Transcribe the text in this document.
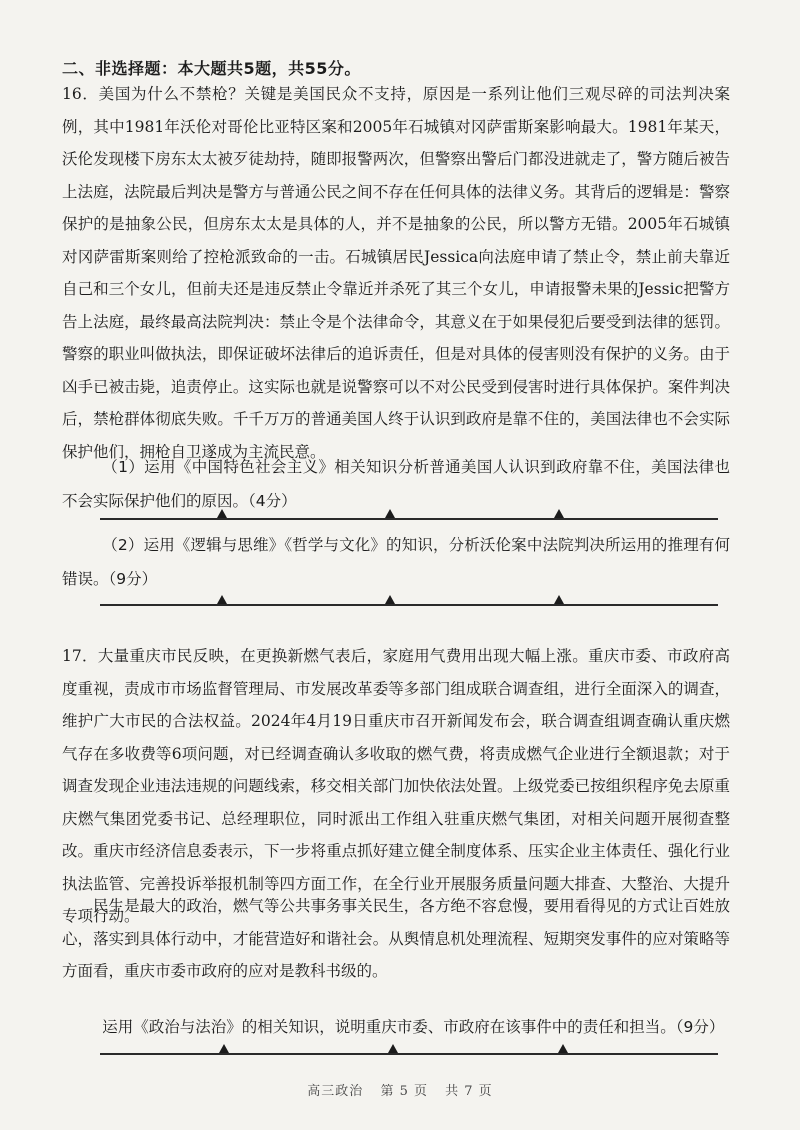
二、非选择题：本大题共5题，共55分。

16．美国为什么不禁枪？关键是美国民众不支持，原因是一系列让他们三观尽碎的司法判决案例，其中1981年沃伦对哥伦比亚特区案和2005年石城镇对冈萨雷斯案影响最大。1981年某天，沃伦发现楼下房东太太被歹徒劫持，随即报警两次，但警察出警后门都没进就走了，警方随后被告上法庭，法院最后判决是警方与普通公民之间不存在任何具体的法律义务。其背后的逻辑是：警察保护的是抽象公民，但房东太太是具体的人，并不是抽象的公民，所以警方无错。2005年石城镇对冈萨雷斯案则给了控枪派致命的一击。石城镇居民Jessica向法庭申请了禁止令，禁止前夫靠近自己和三个女儿，但前夫还是违反禁止令靠近并杀死了其三个女儿，申请报警未果的Jessic把警方告上法庭，最终最高法院判决：禁止令是个法律命令，其意义在于如果侵犯后要受到法律的惩罚。警察的职业叫做执法，即保证破坏法律后的追诉责任，但是对具体的侵害则没有保护的义务。由于凶手已被击毙，追责停止。这实际也就是说警察可以不对公民受到侵害时进行具体保护。案件判决后，禁枪群体彻底失败。千千万万的普通美国人终于认识到政府是靠不住的，美国法律也不会实际保护他们，拥枪自卫遂成为主流民意。

（1）运用《中国特色社会主义》相关知识分析普通美国人认识到政府靠不住，美国法律也不会实际保护他们的原因。（4分）

（2）运用《逻辑与思维》《哲学与文化》的知识，分析沃伦案中法院判决所运用的推理有何错误。（9分）

17．大量重庆市民反映，在更换新燃气表后，家庭用气费用出现大幅上涨。重庆市委、市政府高度重视，责成市市场监督管理局、市发展改革委等多部门组成联合调查组，进行全面深入的调查，维护广大市民的合法权益。2024年4月19日重庆市召开新闻发布会，联合调查组调查确认重庆燃气存在多收费等6项问题，对已经调查确认多收取的燃气费，将责成燃气企业进行全额退款；对于调查发现企业违法违规的问题线索，移交相关部门加快依法处置。上级党委已按组织程序免去原重庆燃气集团党委书记、总经理职位，同时派出工作组入驻重庆燃气集团，对相关问题开展彻查整改。重庆市经济信息委表示，下一步将重点抓好建立健全制度体系、压实企业主体责任、强化行业执法监管、完善投诉举报机制等四方面工作，在全行业开展服务质量问题大排查、大整治、大提升专项行动。

民生是最大的政治，燃气等公共事务事关民生，各方绝不容怠慢，要用看得见的方式让百姓放心，落实到具体行动中，才能营造好和谐社会。从舆情息机处理流程、短期突发事件的应对策略等方面看，重庆市委市政府的应对是教科书级的。

运用《政治与法治》的相关知识，说明重庆市委、市政府在该事件中的责任和担当。（9分）

高三政治 第 5 页 共 7 页
